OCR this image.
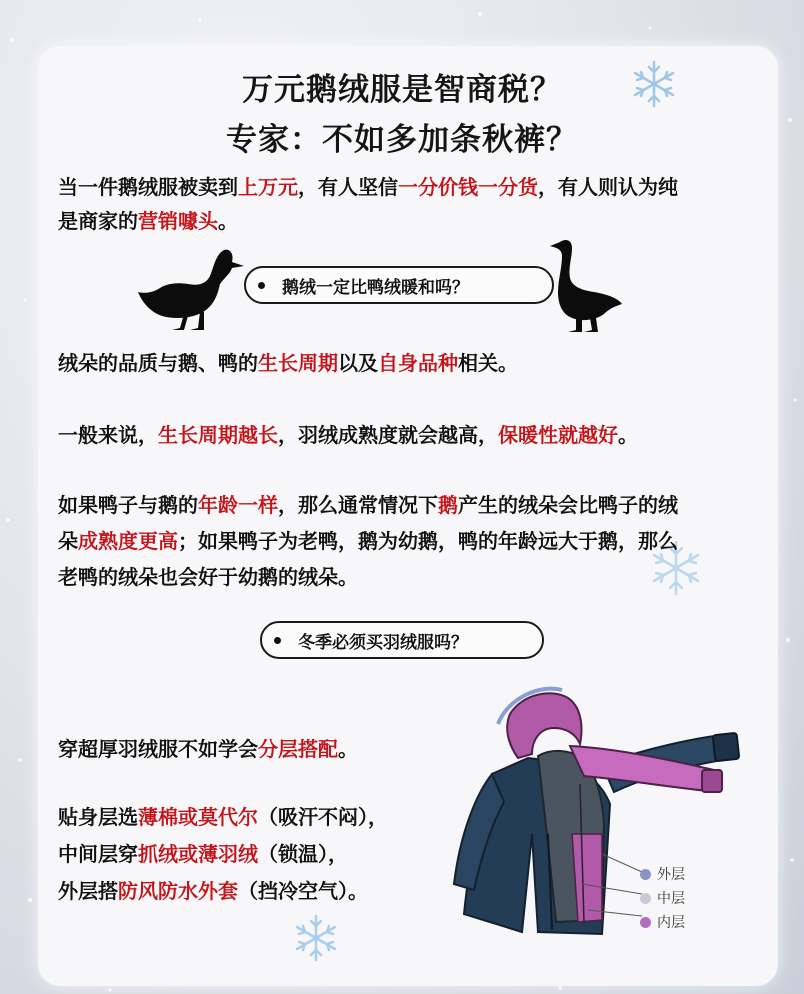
万元鹅绒服是智商税？
专家：不如多加条秋裤？
当一件鹅绒服被卖到上万元，有人坚信一分价钱一分货，有人则认为纯
是商家的营销噱头。
鹅绒一定比鸭绒暖和吗？
绒朵的品质与鹅、鸭的生长周期以及自身品种相关。
一般来说，生长周期越长，羽绒成熟度就会越高，保暖性就越好。
如果鸭子与鹅的年龄一样，那么通常情况下鹅产生的绒朵会比鸭子的绒
朵成熟度更高；如果鸭子为老鸭，鹅为幼鹅，鸭的年龄远大于鹅，那么
老鸭的绒朵也会好于幼鹅的绒朵。
冬季必须买羽绒服吗？
穿超厚羽绒服不如学会分层搭配。
贴身层选薄棉或莫代尔（吸汗不闷），
中间层穿抓绒或薄羽绒（锁温），
外层搭防风防水外套（挡冷空气）。
外层
中层
内层
